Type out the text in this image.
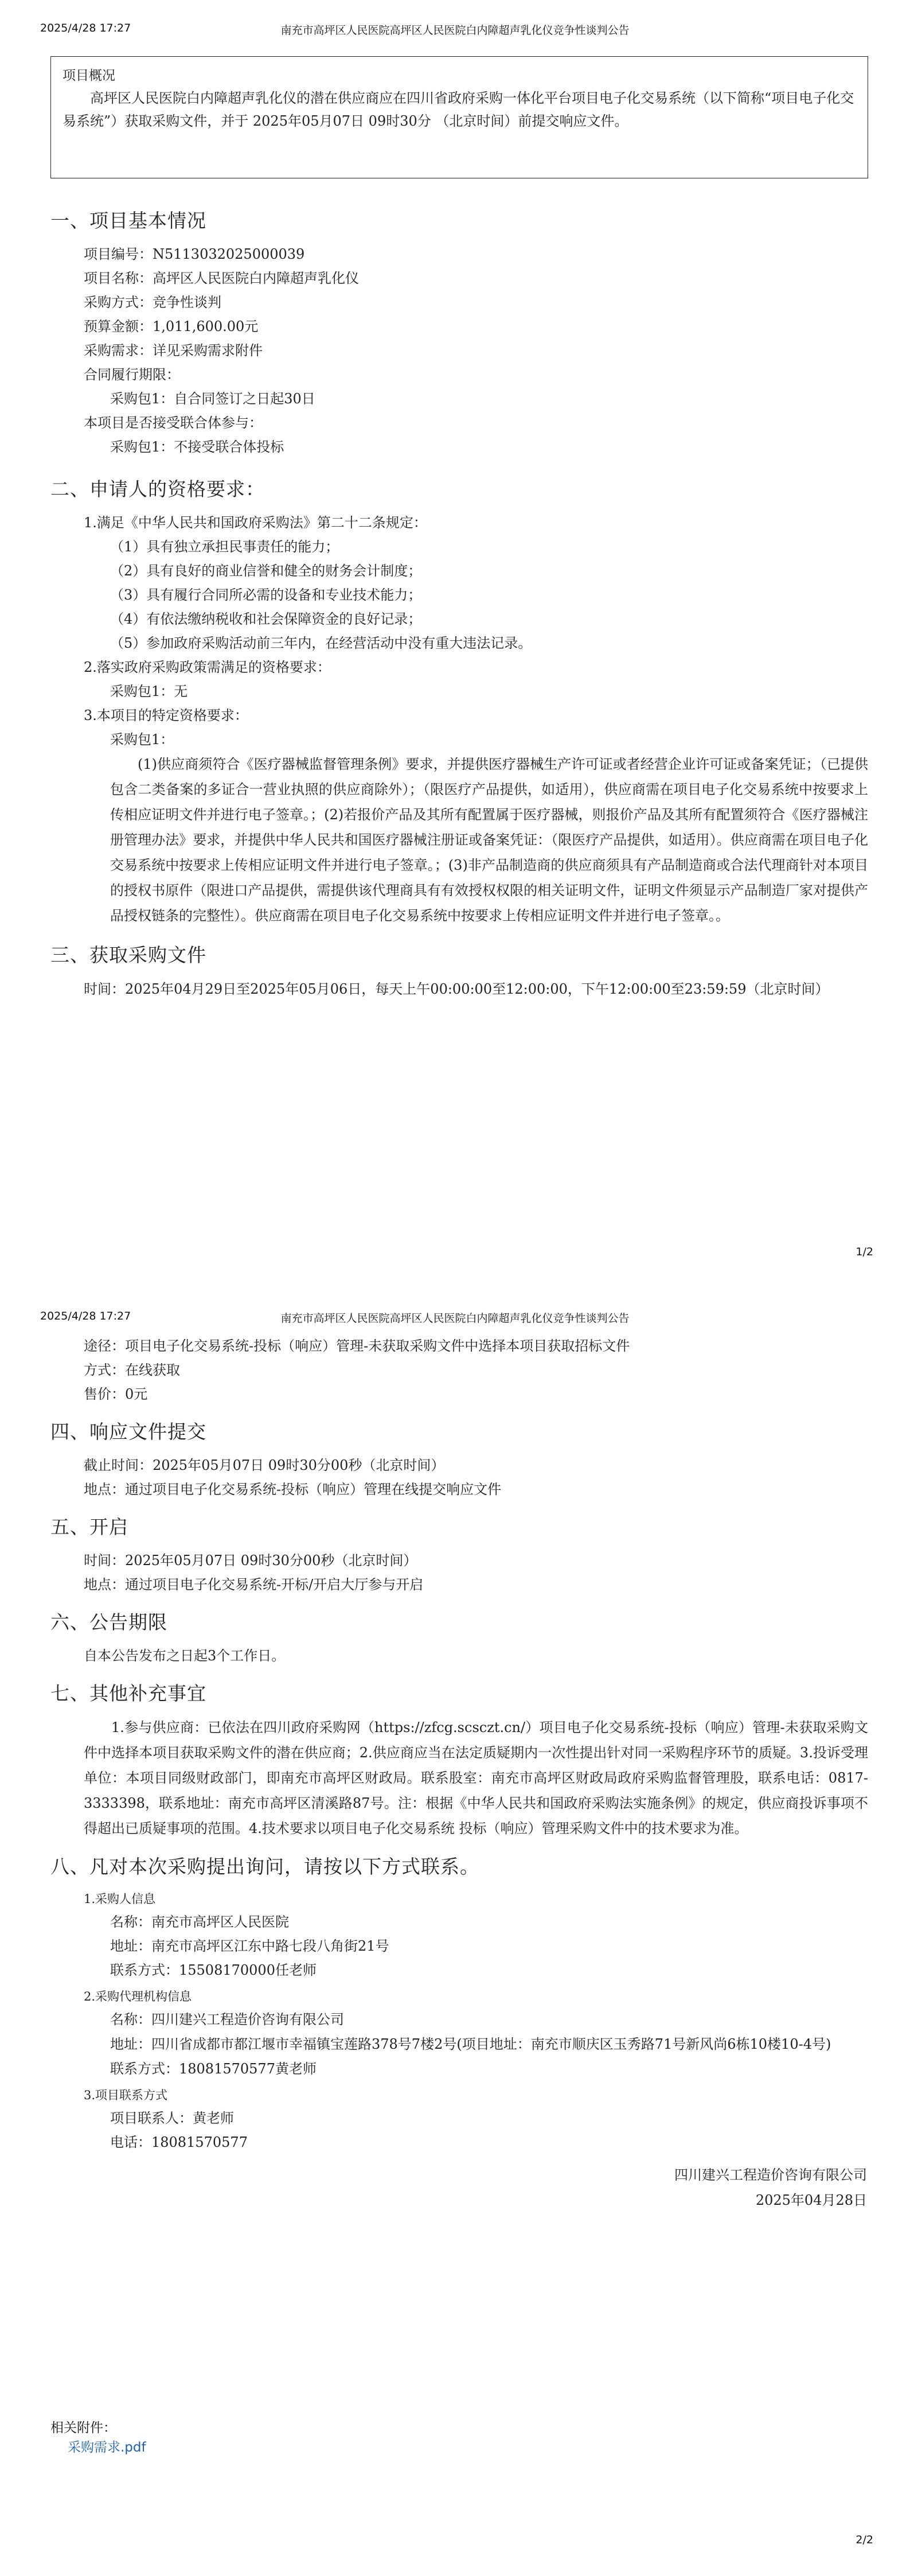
2025/4/28 17:27	南充市高坪区人民医院高坪区人民医院白内障超声乳化仪竞争性谈判公告
项目概况
高坪区人民医院白内障超声乳化仪的潜在供应商应在四川省政府采购一体化平台项目电子化交易系统（以下简称“项目电子化交易系统”）获取采购文件，并于 2025年05月07日 09时30分 （北京时间）前提交响应文件。
一、项目基本情况
项目编号：N5113032025000039
项目名称：高坪区人民医院白内障超声乳化仪
采购方式：竞争性谈判
预算金额：1,011,600.00元
采购需求：详见采购需求附件
合同履行期限：
采购包1：自合同签订之日起30日
本项目是否接受联合体参与：
采购包1：不接受联合体投标
二、申请人的资格要求：
1.满足《中华人民共和国政府采购法》第二十二条规定：
（1）具有独立承担民事责任的能力；
（2）具有良好的商业信誉和健全的财务会计制度；
（3）具有履行合同所必需的设备和专业技术能力；
（4）有依法缴纳税收和社会保障资金的良好记录；
（5）参加政府采购活动前三年内，在经营活动中没有重大违法记录。
2.落实政府采购政策需满足的资格要求：
采购包1：无
3.本项目的特定资格要求：
采购包1：
(1)供应商须符合《医疗器械监督管理条例》要求，并提供医疗器械生产许可证或者经营企业许可证或备案凭证；（已提供包含二类备案的多证合一营业执照的供应商除外）；（限医疗产品提供，如适用），供应商需在项目电子化交易系统中按要求上传相应证明文件并进行电子签章。；(2)若报价产品及其所有配置属于医疗器械，则报价产品及其所有配置须符合《医疗器械注册管理办法》要求，并提供中华人民共和国医疗器械注册证或备案凭证：（限医疗产品提供，如适用）。供应商需在项目电子化交易系统中按要求上传相应证明文件并进行电子签章。；(3)非产品制造商的供应商须具有产品制造商或合法代理商针对本项目的授权书原件（限进口产品提供，需提供该代理商具有有效授权权限的相关证明文件，证明文件须显示产品制造厂家对提供产品授权链条的完整性）。供应商需在项目电子化交易系统中按要求上传相应证明文件并进行电子签章。。
三、获取采购文件
时间：2025年04月29日至2025年05月06日，每天上午00:00:00至12:00:00，下午12:00:00至23:59:59（北京时间）
1/2
2025/4/28 17:27	南充市高坪区人民医院高坪区人民医院白内障超声乳化仪竞争性谈判公告
途径：项目电子化交易系统-投标（响应）管理-未获取采购文件中选择本项目获取招标文件
方式：在线获取
售价：0元
四、响应文件提交
截止时间：2025年05月07日 09时30分00秒（北京时间）
地点：通过项目电子化交易系统-投标（响应）管理在线提交响应文件
五、开启
时间：2025年05月07日 09时30分00秒（北京时间）
地点：通过项目电子化交易系统-开标/开启大厅参与开启
六、公告期限
自本公告发布之日起3个工作日。
七、其他补充事宜
1.参与供应商：已依法在四川政府采购网（https://zfcg.scsczt.cn/）项目电子化交易系统-投标（响应）管理-未获取采购文件中选择本项目获取采购文件的潜在供应商；2.供应商应当在法定质疑期内一次性提出针对同一采购程序环节的质疑。3.投诉受理单位：本项目同级财政部门，即南充市高坪区财政局。联系股室：南充市高坪区财政局政府采购监督管理股，联系电话：0817-3333398，联系地址：南充市高坪区清溪路87号。注：根据《中华人民共和国政府采购法实施条例》的规定，供应商投诉事项不得超出已质疑事项的范围。4.技术要求以项目电子化交易系统 投标（响应）管理采购文件中的技术要求为准。
八、凡对本次采购提出询问，请按以下方式联系。
1.采购人信息
名称：南充市高坪区人民医院
地址：南充市高坪区江东中路七段八角街21号
联系方式：15508170000任老师
2.采购代理机构信息
名称：四川建兴工程造价咨询有限公司
地址：四川省成都市都江堰市幸福镇宝莲路378号7楼2号(项目地址：南充市顺庆区玉秀路71号新风尚6栋10楼10-4号)
联系方式：18081570577黄老师
3.项目联系方式
项目联系人：黄老师
电话：18081570577
四川建兴工程造价咨询有限公司
2025年04月28日
相关附件：
采购需求.pdf
2/2
